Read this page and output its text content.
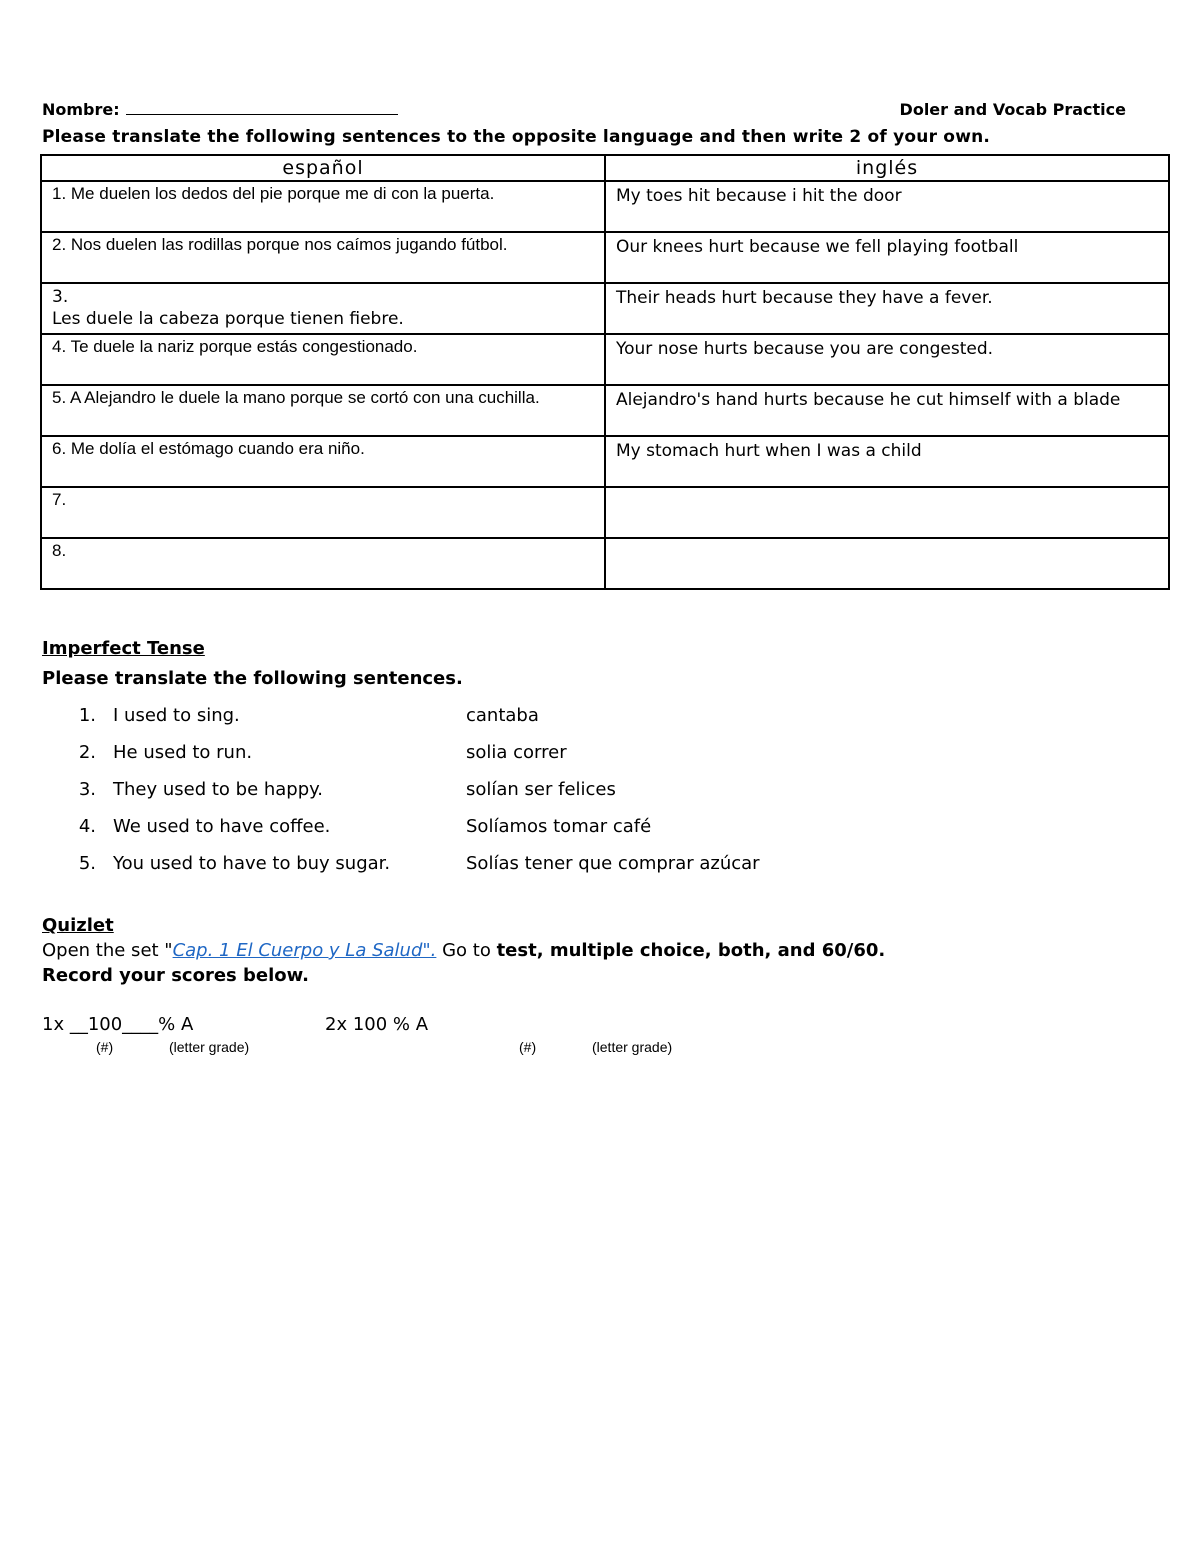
Nombre:	Doler and Vocab Practice
Please translate the following sentences to the opposite language and then write 2 of your own.
español	inglés
1. Me duelen los dedos del pie porque me di con la puerta.	My toes hit because i hit the door
2. Nos duelen las rodillas porque nos caímos jugando fútbol.	Our knees hurt because we fell playing football

3.
Les duele la cabeza porque tienen fiebre.	Their heads hurt because they have a fever.
4. Te duele la nariz porque estás congestionado.	Your nose hurts because you are congested.
5. A Alejandro le duele la mano porque se cortó con una cuchilla.	Alejandro's hand hurts because he cut himself with a blade
6. Me dolía el estómago cuando era niño.	My stomach hurt when I was a child
7.	
8.	
Imperfect Tense
Please translate the following sentences.
1. I used to sing.	cantaba
2. He used to run.	solia correr
3. They used to be happy.	solían ser felices
4. We used to have coffee.	Solíamos tomar café
5. You used to have to buy sugar.	Solías tener que comprar azúcar
Quizlet
Open the set "Cap. 1 El Cuerpo y La Salud". Go to test, multiple choice, both, and 60/60.
Record your scores below.
1x __100____% A	2x 100 % A
(#)	(letter grade)	(#)	(letter grade)
